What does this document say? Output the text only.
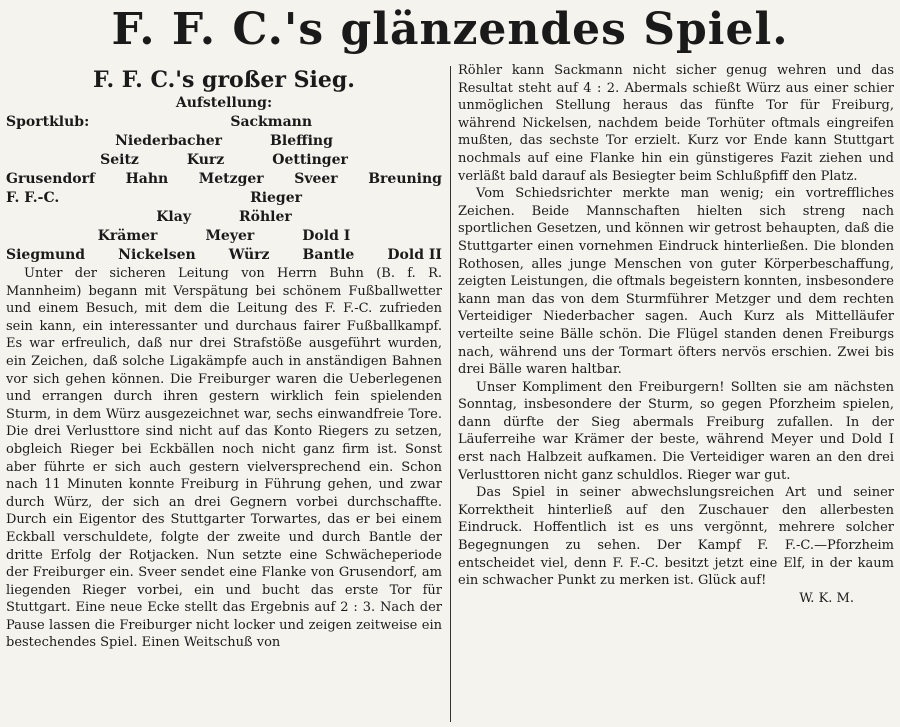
F. F. C.'s glänzendes Spiel.
F. F. C.'s großer Sieg.
Aufstellung:
Sportklub:	Sackmann
Niederbacher	Bleffing
Seitz	Kurz	Oettinger
Grusendorf Hahn Metzger Sveer Breuning
F. F.-C.	Rieger
Klay	Röhler
Krämer	Meyer	Dold I
Siegmund Nickelsen Würz Bantle Dold II

Unter der sicheren Leitung von Herrn Buhn (B. f. R. Mannheim) begann mit Verspätung bei schönem Fußballwetter und einem Besuch, mit dem die Leitung des F. F.-C. zufrieden sein kann, ein interessanter und durchaus fairer Fußballkampf. Es war erfreulich, daß nur drei Strafstöße ausgeführt wurden, ein Zeichen, daß solche Ligakämpfe auch in anständigen Bahnen vor sich gehen können. Die Freiburger waren die Ueberlegenen und errangen durch ihren gestern wirklich fein spielenden Sturm, in dem Würz ausgezeichnet war, sechs einwandfreie Tore. Die drei Verlusttore sind nicht auf das Konto Riegers zu setzen, obgleich Rieger bei Eckbällen noch nicht ganz firm ist. Sonst aber führte er sich auch gestern vielversprechend ein. Schon nach 11 Minuten konnte Freiburg in Führung gehen, und zwar durch Würz, der sich an drei Gegnern vorbei durchschaffte. Durch ein Eigentor des Stuttgarter Torwartes, das er bei einem Eckball verschuldete, folgte der zweite und durch Bantle der dritte Erfolg der Rotjacken. Nun setzte eine Schwächeperiode der Freiburger ein. Sveer sendet eine Flanke von Grusendorf, am liegenden Rieger vorbei, ein und bucht das erste Tor für Stuttgart. Eine neue Ecke stellt das Ergebnis auf 2 : 3. Nach der Pause lassen die Freiburger nicht locker und zeigen zeitweise ein bestechendes Spiel. Einen Weitschuß von

Röhler kann Sackmann nicht sicher genug wehren und das Resultat steht auf 4 : 2. Abermals schießt Würz aus einer schier unmöglichen Stellung heraus das fünfte Tor für Freiburg, während Nickelsen, nachdem beide Torhüter oftmals eingreifen mußten, das sechste Tor erzielt. Kurz vor Ende kann Stuttgart nochmals auf eine Flanke hin ein günstigeres Fazit ziehen und verläßt bald darauf als Besiegter beim Schlußpfiff den Platz.

Vom Schiedsrichter merkte man wenig; ein vortreffliches Zeichen. Beide Mannschaften hielten sich streng nach sportlichen Gesetzen, und können wir getrost behaupten, daß die Stuttgarter einen vornehmen Eindruck hinterließen. Die blonden Rothosen, alles junge Menschen von guter Körperbeschaffung, zeigten Leistungen, die oftmals begeistern konnten, insbesondere kann man das von dem Sturmführer Metzger und dem rechten Verteidiger Niederbacher sagen. Auch Kurz als Mittelläufer verteilte seine Bälle schön. Die Flügel standen denen Freiburgs nach, während uns der Tormart öfters nervös erschien. Zwei bis drei Bälle waren haltbar.

Unser Kompliment den Freiburgern! Sollten sie am nächsten Sonntag, insbesondere der Sturm, so gegen Pforzheim spielen, dann dürfte der Sieg abermals Freiburg zufallen. In der Läuferreihe war Krämer der beste, während Meyer und Dold I erst nach Halbzeit aufkamen. Die Verteidiger waren an den drei Verlusttoren nicht ganz schuldlos. Rieger war gut.

Das Spiel in seiner abwechslungsreichen Art und seiner Korrektheit hinterließ auf den Zuschauer den allerbesten Eindruck. Hoffentlich ist es uns vergönnt, mehrere solcher Begegnungen zu sehen. Der Kampf F. F.-C.—Pforzheim entscheidet viel, denn F. F.-C. besitzt jetzt eine Elf, in der kaum ein schwacher Punkt zu merken ist. Glück auf!

W. K. M.
